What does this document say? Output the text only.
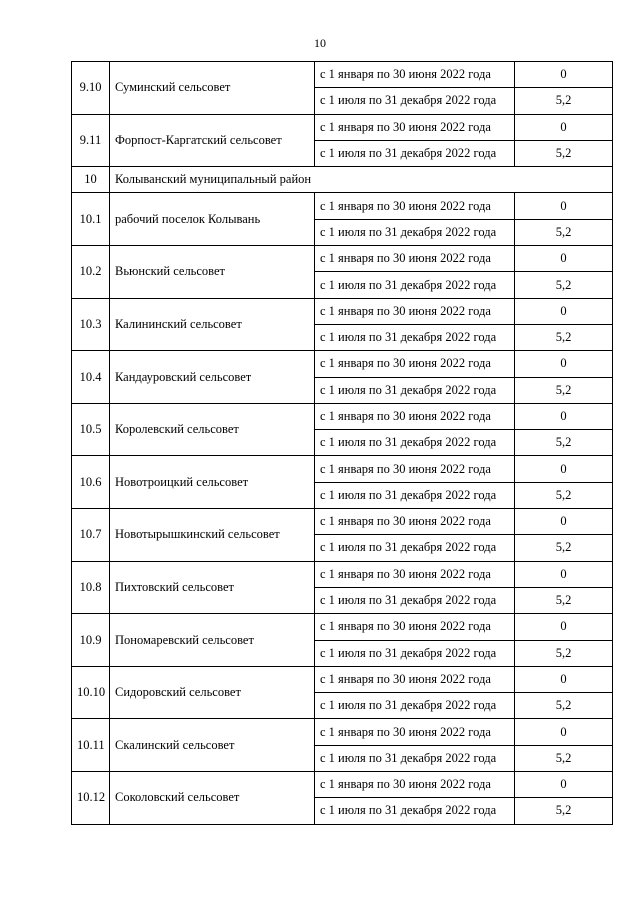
10
9.10	Суминский сельсовет	с 1 января по 30 июня 2022 года	0
		с 1 июля по 31 декабря 2022 года	5,2
9.11	Форпост-Каргатский сельсовет	с 1 января по 30 июня 2022 года	0
		с 1 июля по 31 декабря 2022 года	5,2
10	Колыванский муниципальный район		
10.1	рабочий поселок Колывань	с 1 января по 30 июня 2022 года	0
		с 1 июля по 31 декабря 2022 года	5,2
10.2	Вьюнский сельсовет	с 1 января по 30 июня 2022 года	0
		с 1 июля по 31 декабря 2022 года	5,2
10.3	Калининский сельсовет	с 1 января по 30 июня 2022 года	0
		с 1 июля по 31 декабря 2022 года	5,2
10.4	Кандауровский сельсовет	с 1 января по 30 июня 2022 года	0
		с 1 июля по 31 декабря 2022 года	5,2
10.5	Королевский сельсовет	с 1 января по 30 июня 2022 года	0
		с 1 июля по 31 декабря 2022 года	5,2
10.6	Новотроицкий сельсовет	с 1 января по 30 июня 2022 года	0
		с 1 июля по 31 декабря 2022 года	5,2
10.7	Новотырышкинский сельсовет	с 1 января по 30 июня 2022 года	0
		с 1 июля по 31 декабря 2022 года	5,2
10.8	Пихтовский сельсовет	с 1 января по 30 июня 2022 года	0
		с 1 июля по 31 декабря 2022 года	5,2
10.9	Пономаревский сельсовет	с 1 января по 30 июня 2022 года	0
		с 1 июля по 31 декабря 2022 года	5,2
10.10	Сидоровский сельсовет	с 1 января по 30 июня 2022 года	0
		с 1 июля по 31 декабря 2022 года	5,2
10.11	Скалинский сельсовет	с 1 января по 30 июня 2022 года	0
		с 1 июля по 31 декабря 2022 года	5,2
10.12	Соколовский сельсовет	с 1 января по 30 июня 2022 года	0
		с 1 июля по 31 декабря 2022 года	5,2
